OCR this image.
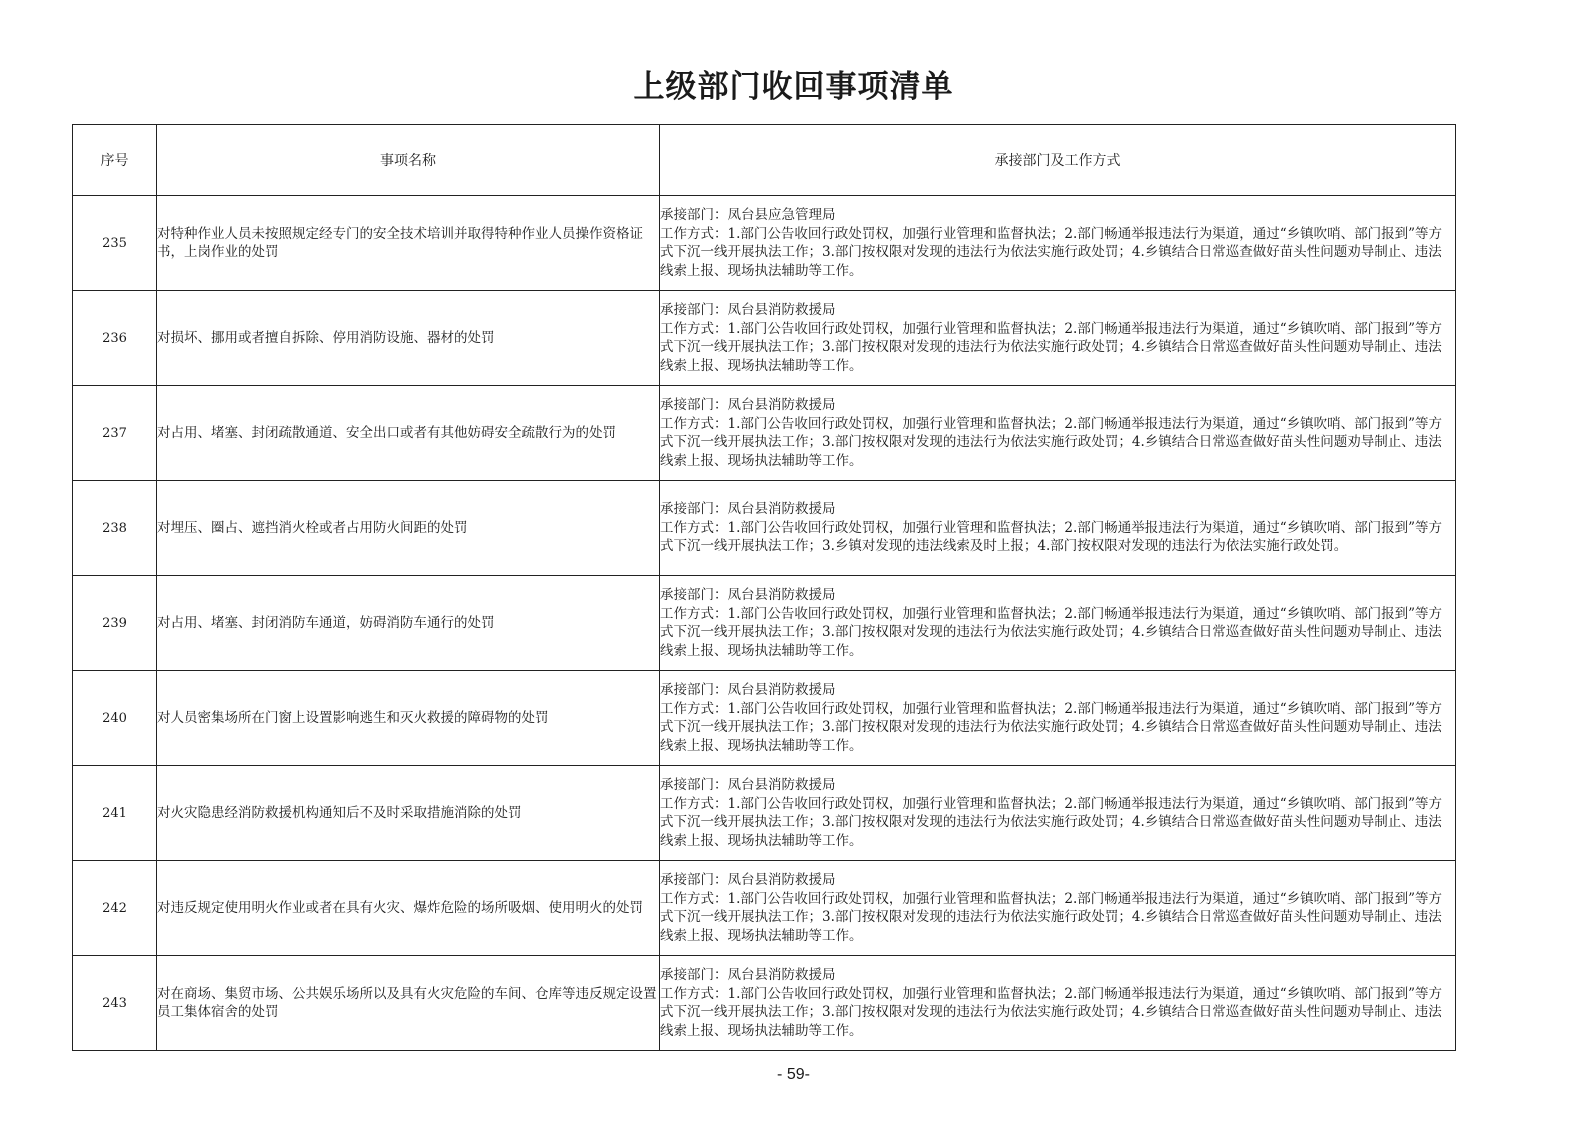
上级部门收回事项清单
序号	事项名称	承接部门及工作方式
235	对特种作业人员未按照规定经专门的安全技术培训并取得特种作业人员操作资格证书，上岗作业的处罚	承接部门：凤台县应急管理局
工作方式：1.部门公告收回行政处罚权，加强行业管理和监督执法；2.部门畅通举报违法行为渠道，通过“乡镇吹哨、部门报到”等方式下沉一线开展执法工作；3.部门按权限对发现的违法行为依法实施行政处罚；4.乡镇结合日常巡查做好苗头性问题劝导制止、违法线索上报、现场执法辅助等工作。

236	对损坏、挪用或者擅自拆除、停用消防设施、器材的处罚	承接部门：凤台县消防救援局
工作方式：1.部门公告收回行政处罚权，加强行业管理和监督执法；2.部门畅通举报违法行为渠道，通过“乡镇吹哨、部门报到”等方式下沉一线开展执法工作；3.部门按权限对发现的违法行为依法实施行政处罚；4.乡镇结合日常巡查做好苗头性问题劝导制止、违法线索上报、现场执法辅助等工作。

237	对占用、堵塞、封闭疏散通道、安全出口或者有其他妨碍安全疏散行为的处罚	承接部门：凤台县消防救援局
工作方式：1.部门公告收回行政处罚权，加强行业管理和监督执法；2.部门畅通举报违法行为渠道，通过“乡镇吹哨、部门报到”等方式下沉一线开展执法工作；3.部门按权限对发现的违法行为依法实施行政处罚；4.乡镇结合日常巡查做好苗头性问题劝导制止、违法线索上报、现场执法辅助等工作。

238	对埋压、圈占、遮挡消火栓或者占用防火间距的处罚	承接部门：凤台县消防救援局
工作方式：1.部门公告收回行政处罚权，加强行业管理和监督执法；2.部门畅通举报违法行为渠道，通过“乡镇吹哨、部门报到”等方式下沉一线开展执法工作；3.乡镇对发现的违法线索及时上报；4.部门按权限对发现的违法行为依法实施行政处罚。

239	对占用、堵塞、封闭消防车通道，妨碍消防车通行的处罚	承接部门：凤台县消防救援局
工作方式：1.部门公告收回行政处罚权，加强行业管理和监督执法；2.部门畅通举报违法行为渠道，通过“乡镇吹哨、部门报到”等方式下沉一线开展执法工作；3.部门按权限对发现的违法行为依法实施行政处罚；4.乡镇结合日常巡查做好苗头性问题劝导制止、违法线索上报、现场执法辅助等工作。

240	对人员密集场所在门窗上设置影响逃生和灭火救援的障碍物的处罚	承接部门：凤台县消防救援局
工作方式：1.部门公告收回行政处罚权，加强行业管理和监督执法；2.部门畅通举报违法行为渠道，通过“乡镇吹哨、部门报到”等方式下沉一线开展执法工作；3.部门按权限对发现的违法行为依法实施行政处罚；4.乡镇结合日常巡查做好苗头性问题劝导制止、违法线索上报、现场执法辅助等工作。

241	对火灾隐患经消防救援机构通知后不及时采取措施消除的处罚	承接部门：凤台县消防救援局
工作方式：1.部门公告收回行政处罚权，加强行业管理和监督执法；2.部门畅通举报违法行为渠道，通过“乡镇吹哨、部门报到”等方式下沉一线开展执法工作；3.部门按权限对发现的违法行为依法实施行政处罚；4.乡镇结合日常巡查做好苗头性问题劝导制止、违法线索上报、现场执法辅助等工作。

242	对违反规定使用明火作业或者在具有火灾、爆炸危险的场所吸烟、使用明火的处罚	承接部门：凤台县消防救援局
工作方式：1.部门公告收回行政处罚权，加强行业管理和监督执法；2.部门畅通举报违法行为渠道，通过“乡镇吹哨、部门报到”等方式下沉一线开展执法工作；3.部门按权限对发现的违法行为依法实施行政处罚；4.乡镇结合日常巡查做好苗头性问题劝导制止、违法线索上报、现场执法辅助等工作。

243	对在商场、集贸市场、公共娱乐场所以及具有火灾危险的车间、仓库等违反规定设置员工集体宿舍的处罚	承接部门：凤台县消防救援局
工作方式：1.部门公告收回行政处罚权，加强行业管理和监督执法；2.部门畅通举报违法行为渠道，通过“乡镇吹哨、部门报到”等方式下沉一线开展执法工作；3.部门按权限对发现的违法行为依法实施行政处罚；4.乡镇结合日常巡查做好苗头性问题劝导制止、违法线索上报、现场执法辅助等工作。
- 59-
